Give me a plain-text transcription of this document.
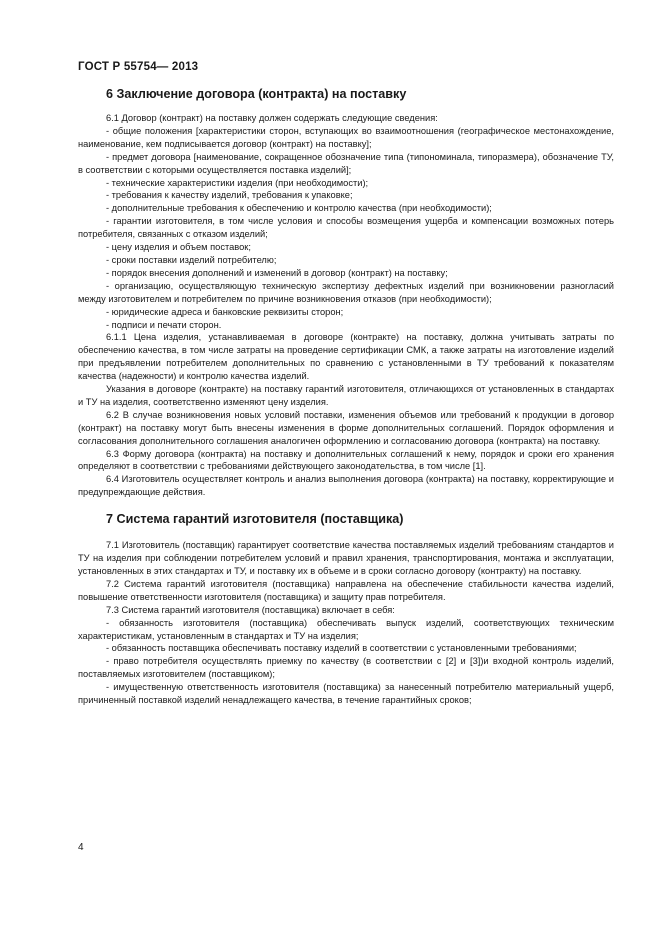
ГОСТ Р 55754— 2013
6 Заключение договора (контракта) на поставку

6.1 Договор (контракт) на поставку должен содержать следующие сведения:

- общие положения [характеристики сторон, вступающих во взаимоотношения (географическое местонахождение, наименование, кем подписывается договор (контракт) на поставку];

- предмет договора [наименование, сокращенное обозначение типа (типономинала, типоразмера), обозначение ТУ, в соответствии с которыми осуществляется поставка изделий];

- технические характеристики изделия (при необходимости);

- требования к качеству изделий, требования к упаковке;

- дополнительные требования к обеспечению и контролю качества (при необходимости);

- гарантии изготовителя, в том числе условия и способы возмещения ущерба и компенсации возможных потерь потребителя, связанных с отказом изделий;

- цену изделия и объем поставок;

- сроки поставки изделий потребителю;

- порядок внесения дополнений и изменений в договор (контракт) на поставку;

- организацию, осуществляющую техническую экспертизу дефектных изделий при возникновении разногласий между изготовителем и потребителем по причине возникновения отказов (при необходимости);

- юридические адреса и банковские реквизиты сторон;

- подписи и печати сторон.

6.1.1 Цена изделия, устанавливаемая в договоре (контракте) на поставку, должна учитывать затраты по обеспечению качества, в том числе затраты на проведение сертификации СМК, а также затраты на изготовление изделий при предъявлении потребителем дополнительных по сравнению с установленными в ТУ требований к показателям качества (надежности) и контролю качества изделий.

Указания в договоре (контракте) на поставку гарантий изготовителя, отличающихся от установленных в стандартах и ТУ на изделия, соответственно изменяют цену изделия.

6.2 В случае возникновения новых условий поставки, изменения объемов или требований к продукции в договор (контракт) на поставку могут быть внесены изменения в форме дополнительных соглашений. Порядок оформления и согласования дополнительного соглашения аналогичен оформлению и согласованию договора (контракта) на поставку.

6.3 Форму договора (контракта) на поставку и дополнительных соглашений к нему, порядок и сроки его хранения определяют в соответствии с требованиями действующего законодательства, в том числе [1].

6.4 Изготовитель осуществляет контроль и анализ выполнения договора (контракта) на поставку, корректирующие и предупреждающие действия.

7 Система гарантий изготовителя (поставщика)

7.1 Изготовитель (поставщик) гарантирует соответствие качества поставляемых изделий требованиям стандартов и ТУ на изделия при соблюдении потребителем условий и правил хранения, транспортирования, монтажа и эксплуатации, установленных в этих стандартах и ТУ, и поставку их в объеме и в сроки согласно договору (контракту) на поставку.

7.2 Система гарантий изготовителя (поставщика) направлена на обеспечение стабильности качества изделий, повышение ответственности изготовителя (поставщика) и защиту прав потребителя.

7.3 Система гарантий изготовителя (поставщика) включает в себя:

- обязанность изготовителя (поставщика) обеспечивать выпуск изделий, соответствующих техническим характеристикам, установленным в стандартах и ТУ на изделия;

- обязанность поставщика обеспечивать поставку изделий в соответствии с установленными требованиями;

- право потребителя осуществлять приемку по качеству (в соответствии с [2] и [3])и входной контроль изделий, поставляемых изготовителем (поставщиком);

- имущественную ответственность изготовителя (поставщика) за нанесенный потребителю материальный ущерб, причиненный поставкой изделий ненадлежащего качества, в течение гарантийных сроков;

4
